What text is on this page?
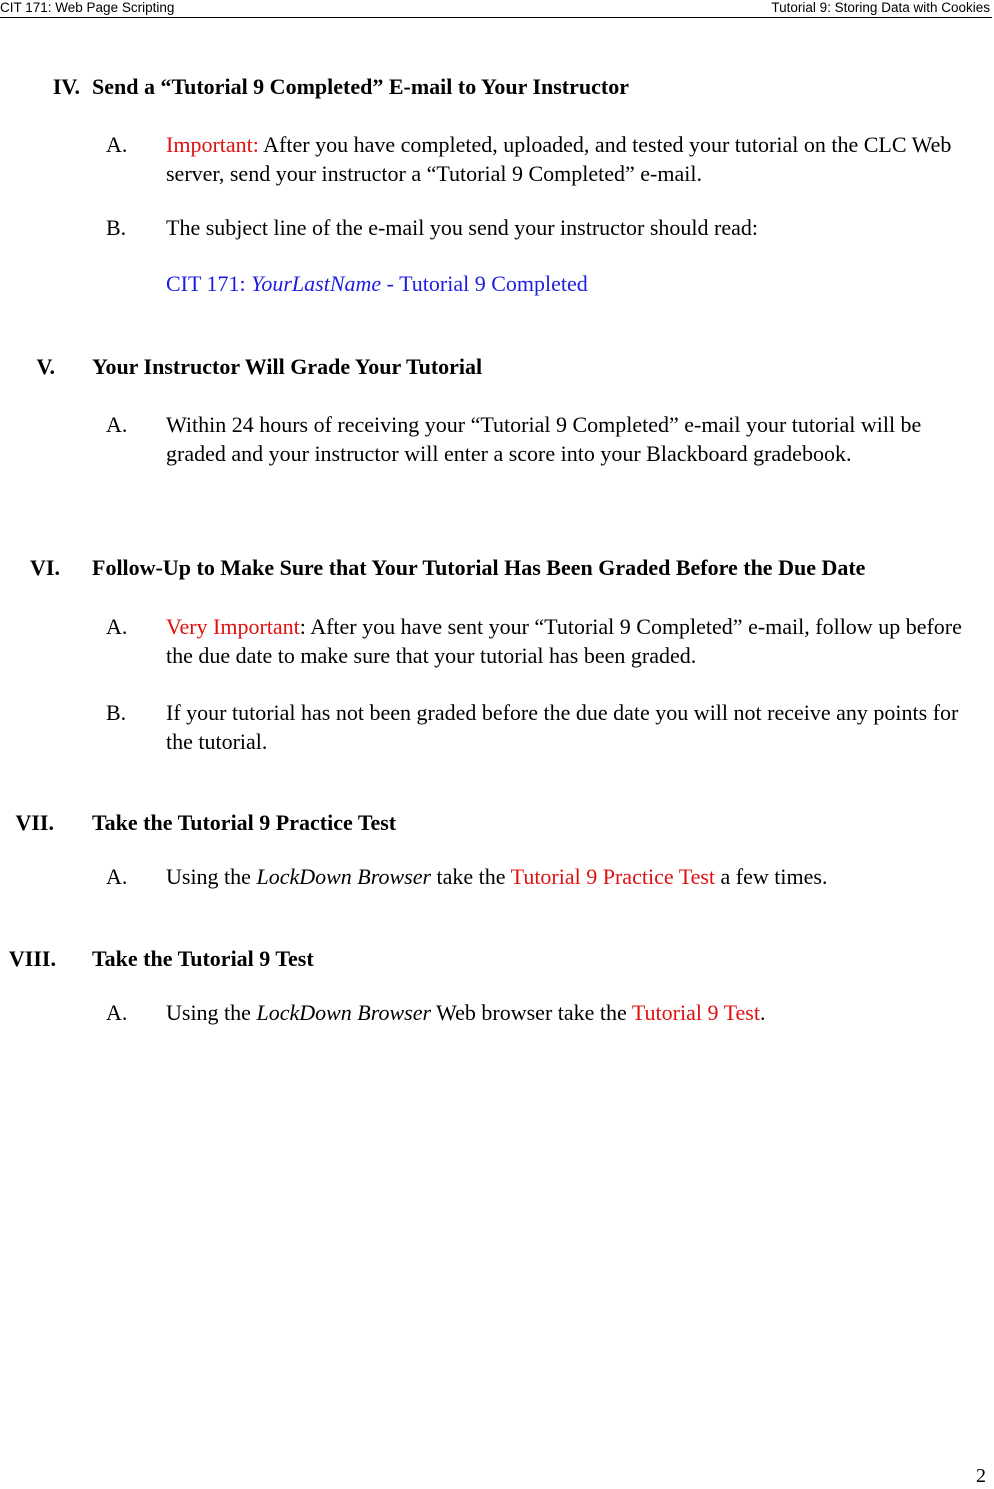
CIT 171: Web Page Scripting	Tutorial 9: Storing Data with Cookies
IV. Send a “Tutorial 9 Completed” E-mail to Your Instructor
A. Important: After you have completed, uploaded, and tested your tutorial on the CLC Web server, send your instructor a “Tutorial 9 Completed” e-mail.
B. The subject line of the e-mail you send your instructor should read:
CIT 171: YourLastName - Tutorial 9 Completed
V. Your Instructor Will Grade Your Tutorial
A. Within 24 hours of receiving your “Tutorial 9 Completed” e-mail your tutorial will be graded and your instructor will enter a score into your Blackboard gradebook.
VI. Follow-Up to Make Sure that Your Tutorial Has Been Graded Before the Due Date
A. Very Important: After you have sent your “Tutorial 9 Completed” e-mail, follow up before the due date to make sure that your tutorial has been graded.
B. If your tutorial has not been graded before the due date you will not receive any points for the tutorial.
VII. Take the Tutorial 9 Practice Test
A. Using the LockDown Browser take the Tutorial 9 Practice Test a few times.
VIII. Take the Tutorial 9 Test
A. Using the LockDown Browser Web browser take the Tutorial 9 Test.
2
